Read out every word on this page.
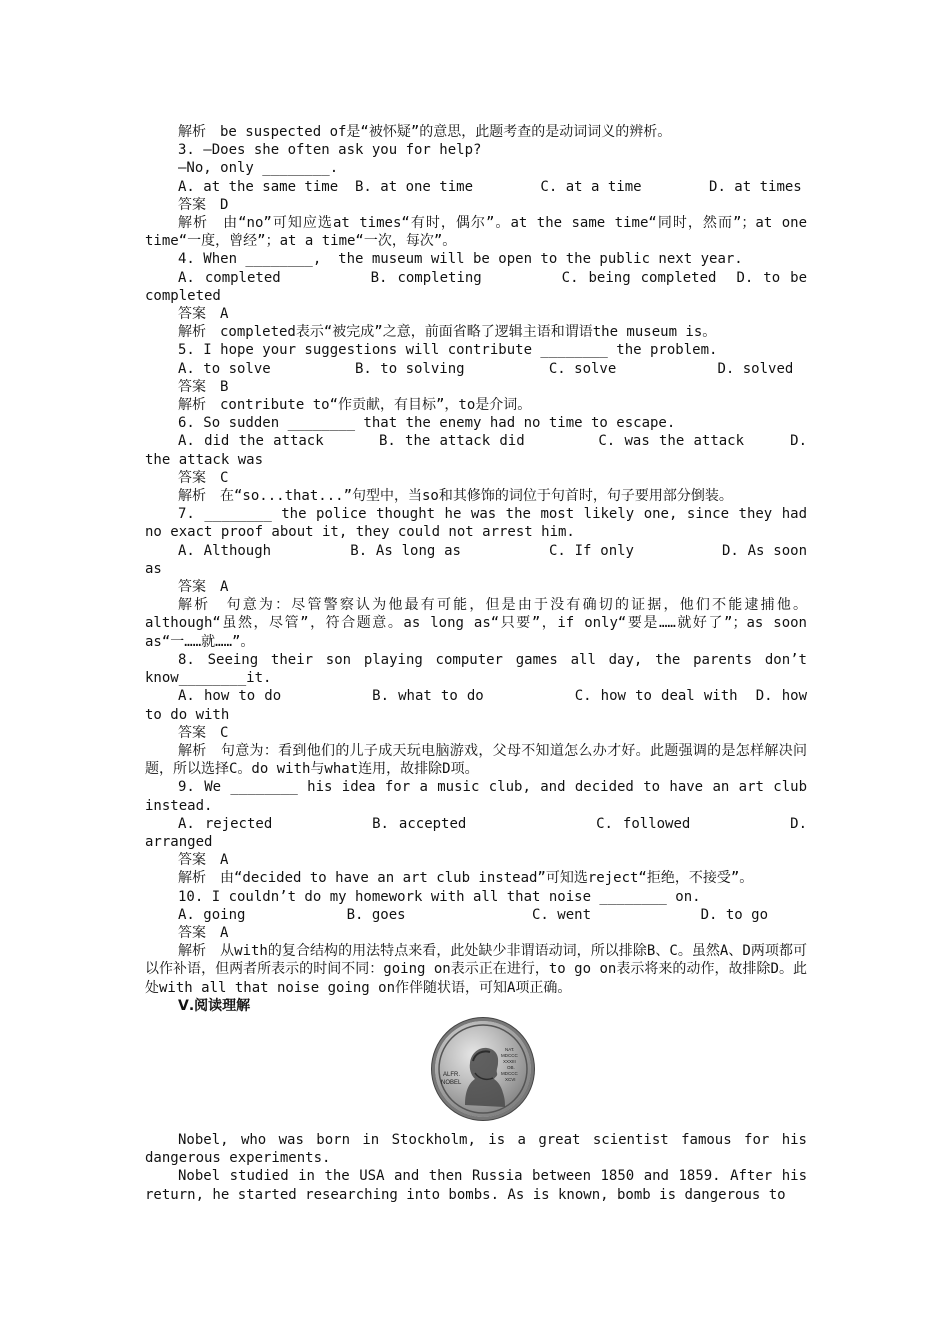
解析　be suspected of是“被怀疑”的意思，此题考查的是动词词义的辨析。
3. —Does she often ask you for help?
—No, only ________.
A. at the same time  B. at one time        C. at a time        D. at times
答案　D
解析　由“no”可知应选at times“有时，偶尔”。at the same time“同时，然而”；at one time“一度，曾经”；at a time“一次，每次”。
4. When ________,  the museum will be open to the public next year.
A. completed         B. completing        C. being completed  D. to be completed
答案　A
解析　completed表示“被完成”之意，前面省略了逻辑主语和谓语the museum is。
5. I hope your suggestions will contribute ________ the problem.
A. to solve          B. to solving          C. solve            D. solved
答案　B
解析　contribute to“作贡献，有目标”，to是介词。
6. So sudden ________ that the enemy had no time to escape.
A. did the attack      B. the attack did        C. was the attack     D. the attack was
答案　C
解析　在“so...that...”句型中，当so和其修饰的词位于句首时，句子要用部分倒装。
7. ________ the police thought he was the most likely one, since they had no exact proof about it, they could not arrest him.
A. Although         B. As long as          C. If only          D. As soon as
答案　A
解析　句意为：尽管警察认为他最有可能，但是由于没有确切的证据，他们不能逮捕他。although“虽然，尽管”，符合题意。as long as“只要”，if only“要是……就好了”；as soon as“一……就……”。
8. Seeing their son playing computer games all day, the parents don’t know________it.
A. how to do          B. what to do          C. how to deal with  D. how to do with
答案　C
解析　句意为：看到他们的儿子成天玩电脑游戏，父母不知道怎么办才好。此题强调的是怎样解决问题，所以选择C。do with与what连用，故排除D项。
9. We ________ his idea for a music club, and decided to have an art club instead.
A. rejected          B. accepted             C. followed          D. arranged
答案　A
解析　由“decided to have an art club instead”可知选reject“拒绝，不接受”。
10. I couldn’t do my homework with all that noise ________ on.
A. going            B. goes               C. went             D. to go
答案　A
解析　从with的复合结构的用法特点来看，此处缺少非谓语动词，所以排除B、C。虽然A、D两项都可以作补语，但两者所表示的时间不同：going on表示正在进行，to go on表示将来的动作，故排除D。此处with all that noise going on作伴随状语，可知A项正确。
Ⅴ.阅读理解
ALFR. NOBEL
NAT. MDCCC XXXIII OB. MDCCC XCVI
Nobel, who was born in Stockholm, is a great scientist famous for his dangerous experiments.
Nobel studied in the USA and then Russia between 1850 and 1859. After his return, he started researching into bombs. As is known, bomb is dangerous to
